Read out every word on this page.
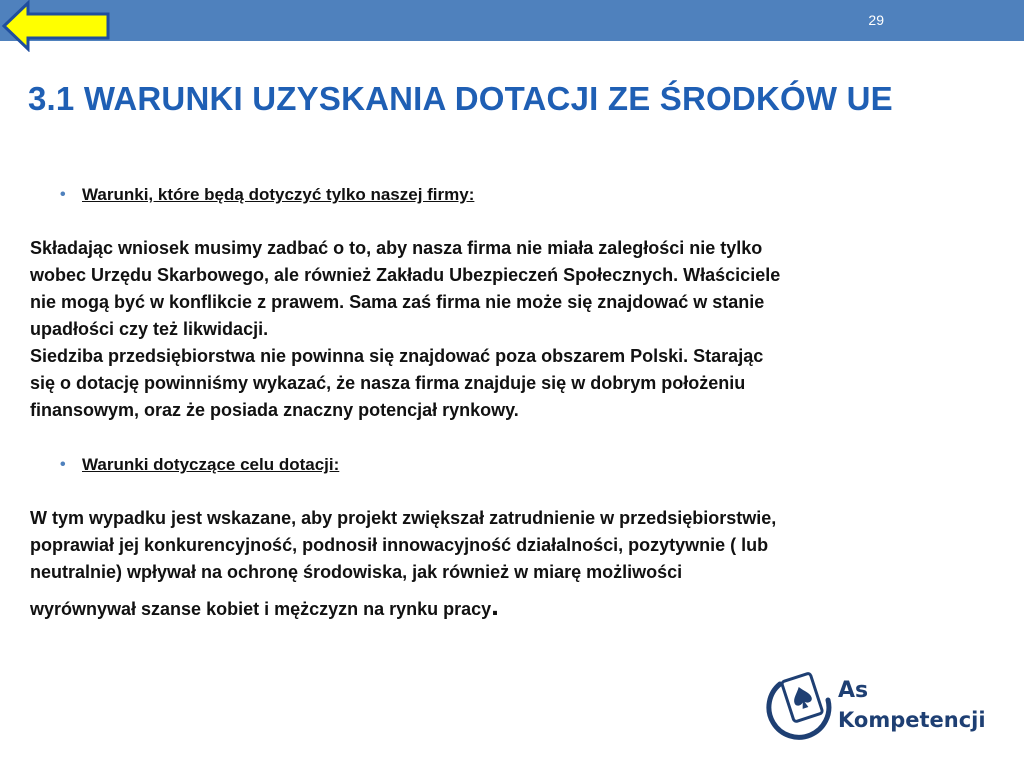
29
3.1 WARUNKI UZYSKANIA DOTACJI ZE ŚRODKÓW UE
• Warunki, które będą dotyczyć tylko naszej firmy:
Składając wniosek musimy zadbać o to, aby nasza firma nie miała zaległości nie tylko
wobec Urzędu Skarbowego, ale również Zakładu Ubezpieczeń Społecznych. Właściciele
nie mogą być w konflikcie z prawem. Sama zaś firma nie może się znajdować w stanie
upadłości czy też likwidacji.
Siedziba przedsiębiorstwa nie powinna się znajdować poza obszarem Polski. Starając
się o dotację powinniśmy wykazać, że nasza firma znajduje się w dobrym położeniu
finansowym, oraz że posiada znaczny potencjał rynkowy.
• Warunki dotyczące celu dotacji:
W tym wypadku jest wskazane, aby projekt zwiększał zatrudnienie w przedsiębiorstwie,
poprawiał jej konkurencyjność, podnosił innowacyjność działalności, pozytywnie ( lub
neutralnie) wpływał na ochronę środowiska, jak również w miarę możliwości
wyrównywał szanse kobiet i mężczyzn na rynku pracy.
As
Kompetencji
